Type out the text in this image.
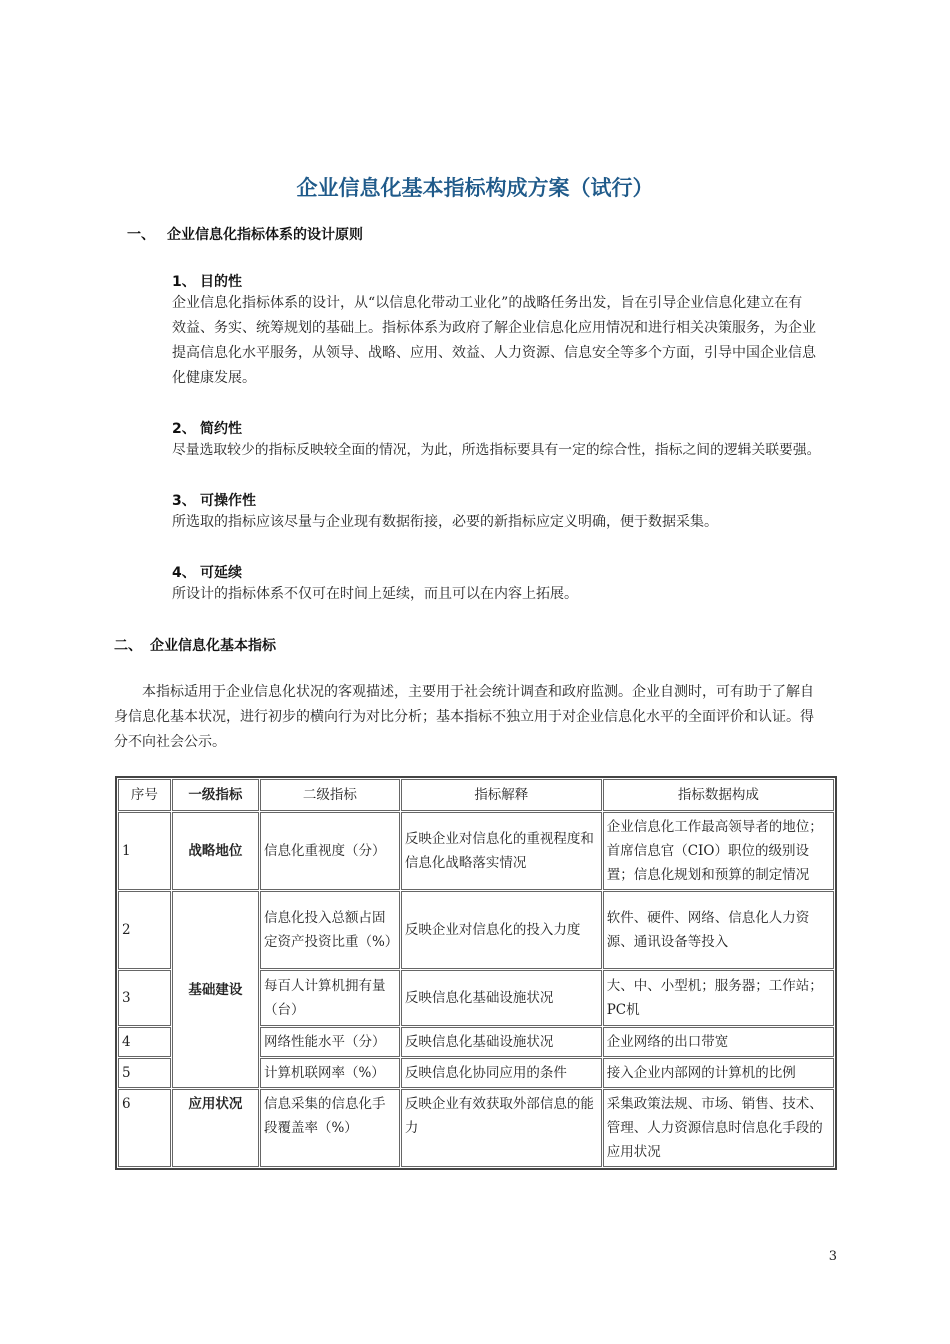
企业信息化基本指标构成方案（试行）
一、 企业信息化指标体系的设计原则
1、 目的性
企业信息化指标体系的设计，从“以信息化带动工业化”的战略任务出发，旨在引导企业信息化建立在有
效益、务实、统筹规划的基础上。指标体系为政府了解企业信息化应用情况和进行相关决策服务，为企业
提高信息化水平服务，从领导、战略、应用、效益、人力资源、信息安全等多个方面，引导中国企业信息
化健康发展。
2、 简约性
尽量选取较少的指标反映较全面的情况，为此，所选指标要具有一定的综合性，指标之间的逻辑关联要强。
3、 可操作性
所选取的指标应该尽量与企业现有数据衔接，必要的新指标应定义明确，便于数据采集。
4、 可延续
所设计的指标体系不仅可在时间上延续，而且可以在内容上拓展。
二、 企业信息化基本指标
本指标适用于企业信息化状况的客观描述，主要用于社会统计调查和政府监测。企业自测时，可有助于了解自
身信息化基本状况，进行初步的横向行为对比分析；基本指标不独立用于对企业信息化水平的全面评价和认证。得
分不向社会公示。
序号	一级指标	二级指标	指标解释	指标数据构成
1	战略地位	信息化重视度（分）	反映企业对信息化的重视程度和信息化战略落实情况	企业信息化工作最高领导者的地位；首席信息官（CIO）职位的级别设置；信息化规划和预算的制定情况
2	基础建设	信息化投入总额占固定资产投资比重（%）	反映企业对信息化的投入力度	软件、硬件、网络、信息化人力资源、通讯设备等投入
3		每百人计算机拥有量（台）	反映信息化基础设施状况	大、中、小型机；服务器；工作站；PC机
4		网络性能水平（分）	反映信息化基础设施状况	企业网络的出口带宽
5		计算机联网率（%）	反映信息化协同应用的条件	接入企业内部网的计算机的比例
6	应用状况	信息采集的信息化手段覆盖率（%）	反映企业有效获取外部信息的能力	采集政策法规、市场、销售、技术、管理、人力资源信息时信息化手段的应用状况
3
